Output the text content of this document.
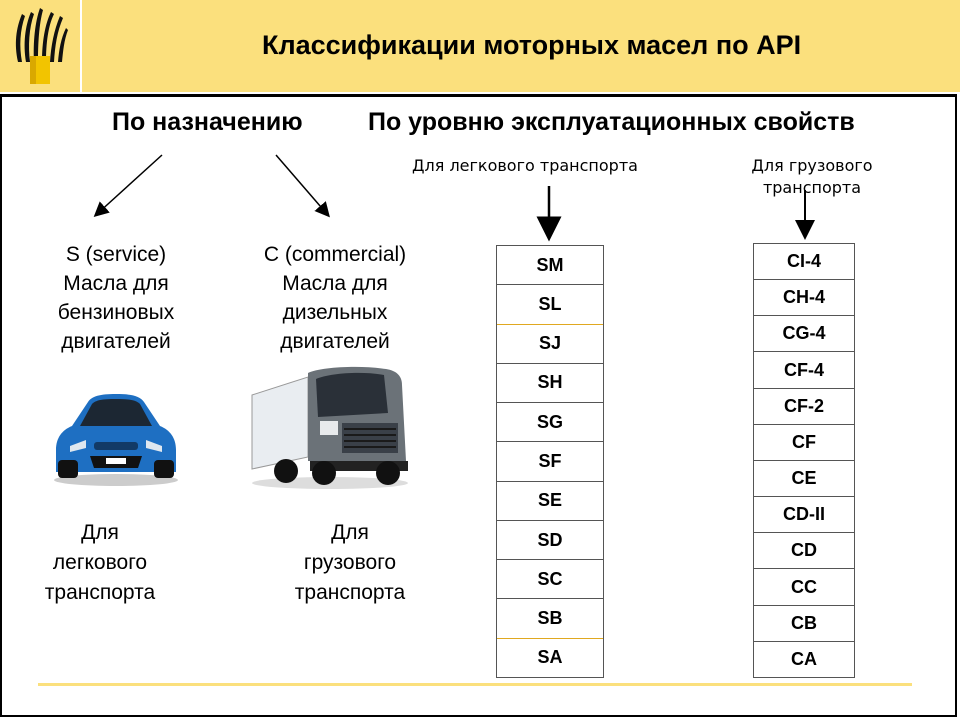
Классификации моторных масел по API
По назначению	По уровню эксплуатационных свойств
Для легкового транспорта	Для грузового транспорта
S (service)
Масла для
бензиновых
двигателей
C (commercial)
Масла для
дизельных
двигателей
Для
легкового
транспорта
Для
грузового
транспорта
SM
SL
SJ
SH
SG
SF
SE
SD
SC
SB
SA
CI-4
CH-4
CG-4
CF-4
CF-2
CF
CE
CD-II
CD
CC
CB
CA
